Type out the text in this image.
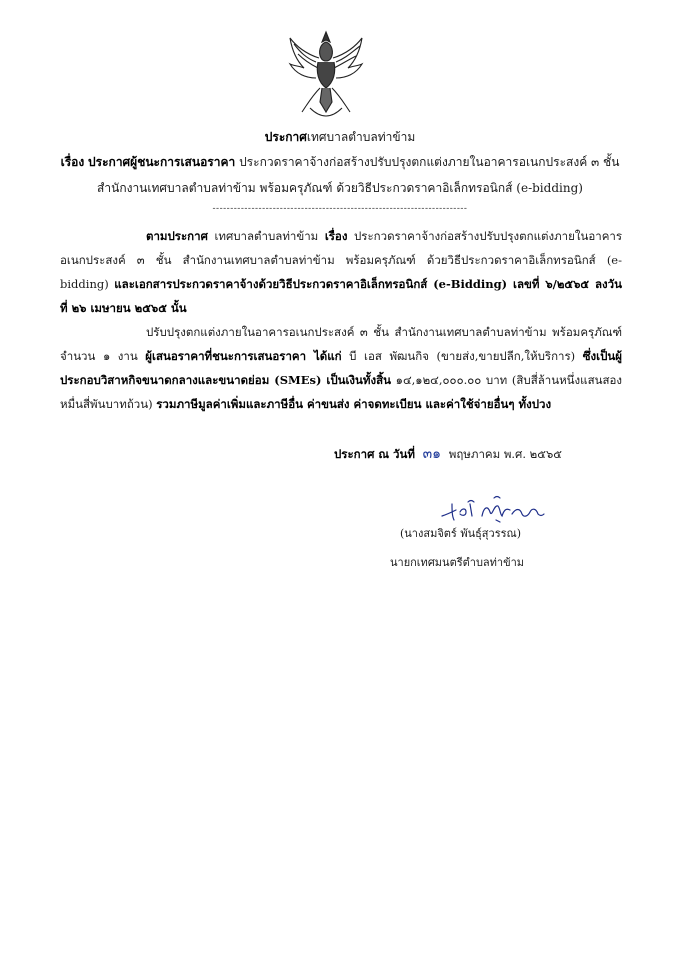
ประกาศเทศบาลตำบลท่าข้าม
เรื่อง ประกาศผู้ชนะการเสนอราคา ประกวดราคาจ้างก่อสร้างปรับปรุงตกแต่งภายในอาคารอเนกประสงค์ ๓ ชั้น
สำนักงานเทศบาลตำบลท่าข้าม พร้อมครุภัณฑ์ ด้วยวิธีประกวดราคาอิเล็กทรอนิกส์ (e-bidding)
------------------------------------------------------------------------
ตามประกาศ เทศบาลตำบลท่าข้าม เรื่อง ประกวดราคาจ้างก่อสร้างปรับปรุงตกแต่งภายในอาคาร
อเนกประสงค์ ๓ ชั้น สำนักงานเทศบาลตำบลท่าข้าม พร้อมครุภัณฑ์ ด้วยวิธีประกวดราคาอิเล็กทรอนิกส์ (e-
bidding) และเอกสารประกวดราคาจ้างด้วยวิธีประกวดราคาอิเล็กทรอนิกส์ (e-Bidding) เลขที่ ๖/๒๕๖๕ ลงวัน
ที่ ๒๖ เมษายน ๒๕๖๕ นั้น
ปรับปรุงตกแต่งภายในอาคารอเนกประสงค์ ๓ ชั้น สำนักงานเทศบาลตำบลท่าข้าม พร้อมครุภัณฑ์
จำนวน ๑ งาน ผู้เสนอราคาที่ชนะการเสนอราคา ได้แก่ บี เอส พัฒนกิจ (ขายส่ง,ขายปลีก,ให้บริการ) ซึ่งเป็นผู้
ประกอบวิสาหกิจขนาดกลางและขนาดย่อม (SMEs) เป็นเงินทั้งสิ้น ๑๔,๑๒๔,๐๐๐.๐๐ บาท (สิบสี่ล้านหนึ่งแสนสอง
หมื่นสี่พันบาทถ้วน) รวมภาษีมูลค่าเพิ่มและภาษีอื่น ค่าขนส่ง ค่าจดทะเบียน และค่าใช้จ่ายอื่นๆ ทั้งปวง
ประกาศ ณ วันที่ ๓๑ พฤษภาคม พ.ศ. ๒๕๖๕
(นางสมจิตร์ พันธุ์สุวรรณ)
นายกเทศมนตรีตำบลท่าข้าม
